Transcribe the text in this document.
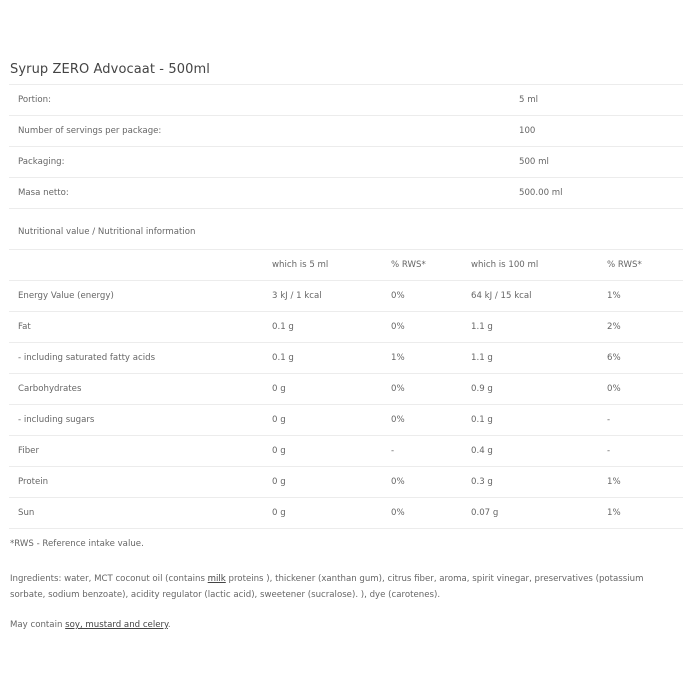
Syrup ZERO Advocaat - 500ml
Portion:	5 ml
Number of servings per package:	100
Packaging:	500 ml
Masa netto:	500.00 ml
Nutritional value / Nutritional information
	which is 5 ml	% RWS*	which is 100 ml	% RWS*
Energy Value (energy)	3 kJ / 1 kcal	0%	64 kJ / 15 kcal	1%
Fat	0.1 g	0%	1.1 g	2%
- including saturated fatty acids	0.1 g	1%	1.1 g	6%
Carbohydrates	0 g	0%	0.9 g	0%
- including sugars	0 g	0%	0.1 g	-
Fiber	0 g	-	0.4 g	-
Protein	0 g	0%	0.3 g	1%
Sun	0 g	0%	0.07 g	1%
*RWS - Reference intake value.
Ingredients: water, MCT coconut oil (contains milk proteins ), thickener (xanthan gum), citrus fiber, aroma, spirit vinegar, preservatives (potassium sorbate, sodium benzoate), acidity regulator (lactic acid), sweetener (sucralose). ), dye (carotenes).
May contain soy, mustard and celery.
